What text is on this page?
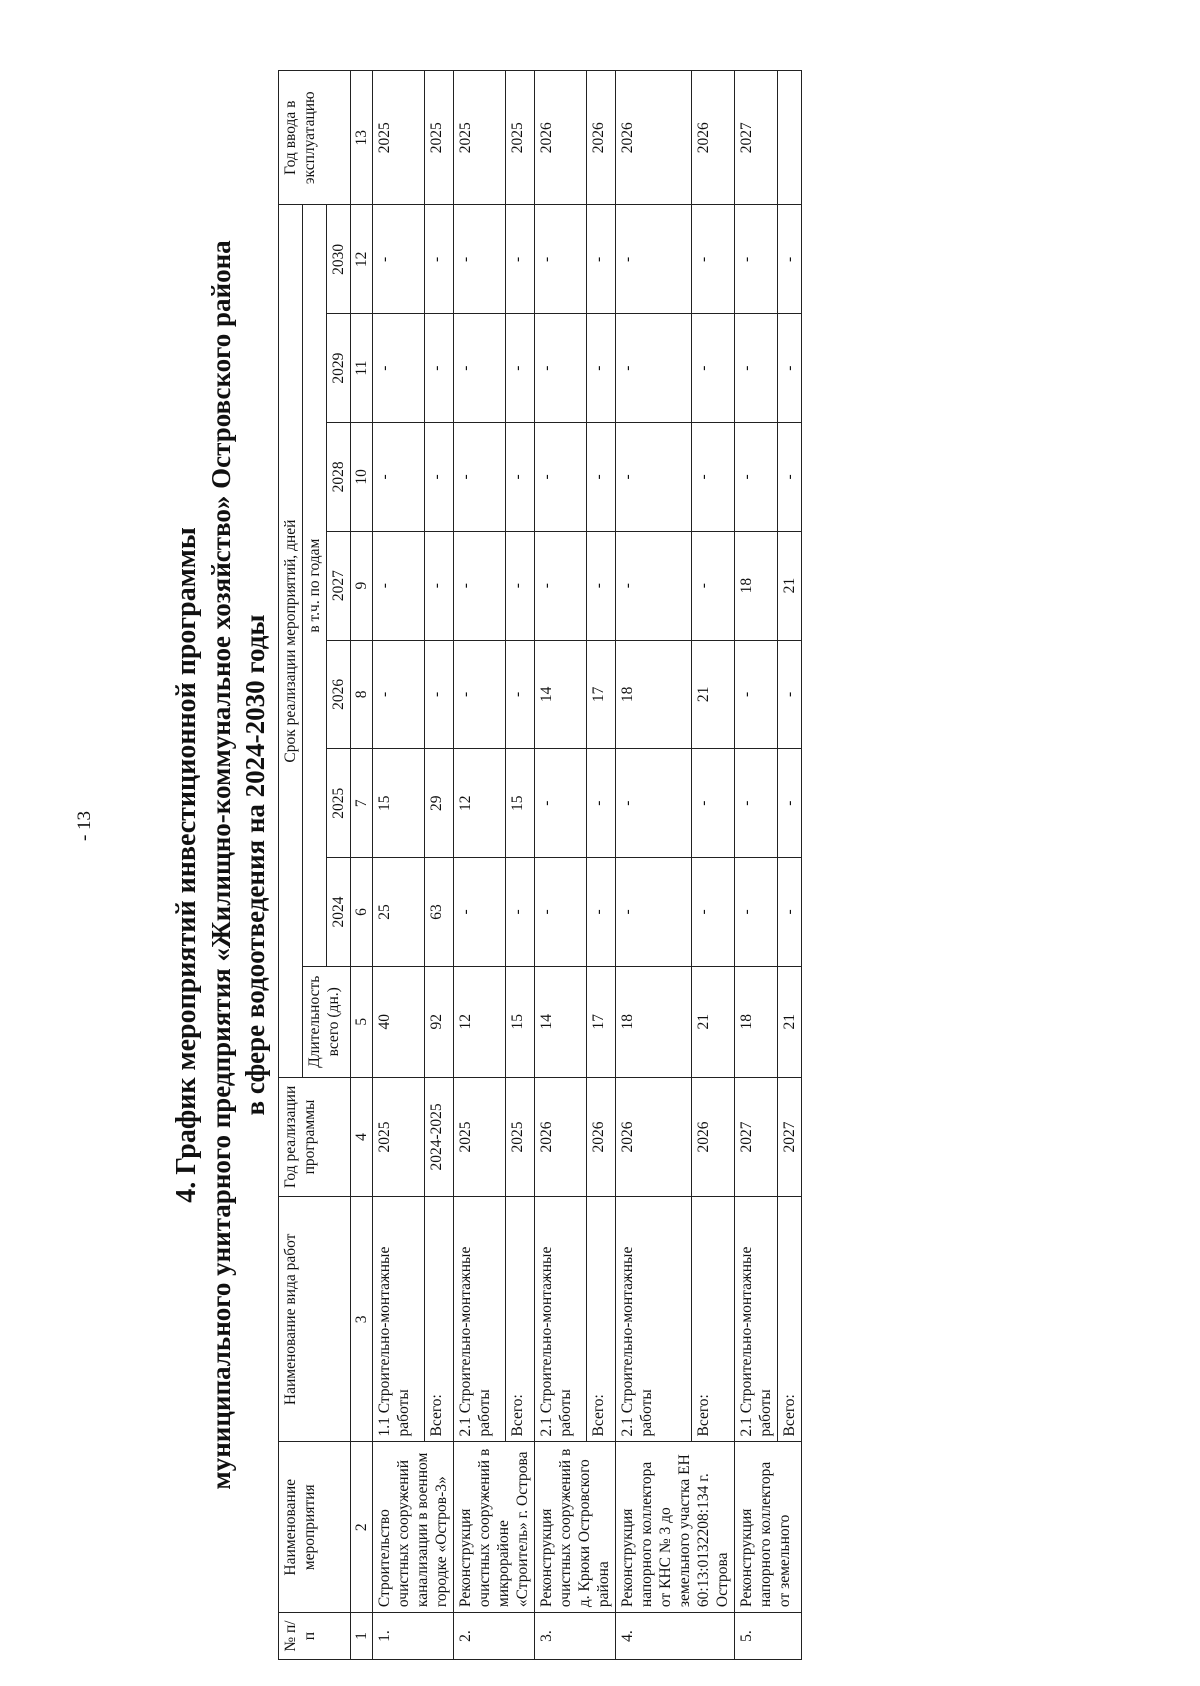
- 13	4. График мероприятий инвестиционной программы муниципального унитарного предприятия «Жилищно-коммунальное хозяйство» Островского района в сфере водоотведения на 2024-2030 годы
№ п/п	Наименование мероприятия	Наименование вида работ	Год реализации программы	Срок реализации мероприятий, дней								Год ввода в эксплуатацию
				Длительность всего (дн.)	в т.ч. по годам							
					2024	2025	2026	2027	2028	2029	2030	
1	2	3	4	5	6	7	8	9	10	11	12	13
1.	Строительство очистных сооружений канализации в военном городке «Остров-3»	1.1 Строительно-монтажные работы	2025	40	25	15	-	-	-	-	-	2025
		Всего:	2024-2025	92	63	29	-	-	-	-	-	2025
2.	Реконструкция очистных сооружений в микрорайоне «Строитель» г. Острова	2.1 Строительно-монтажные работы	2025	12	-	12	-	-	-	-	-	2025
		Всего:	2025	15	-	15	-	-	-	-	-	2025
3.	Реконструкция очистных сооружений в д. Крюки Островского района	2.1 Строительно-монтажные работы	2026	14	-	-	14	-	-	-	-	2026
		Всего:	2026	17	-	-	17	-	-	-	-	2026
4.	Реконструкция напорного коллектора от КНС № 3 до земельного участка ЕН 60:13:0132208:134 г. Острова	2.1 Строительно-монтажные работы	2026	18	-	-	18	-	-	-	-	2026
		Всего:	2026	21	-	-	21	-	-	-	-	2026
5.	Реконструкция напорного коллектора от земельного	2.1 Строительно-монтажные работы	2027	18	-	-	-	18	-	-	-	2027
		Всего:	2027	21	-	-	-	21	-	-	-	
